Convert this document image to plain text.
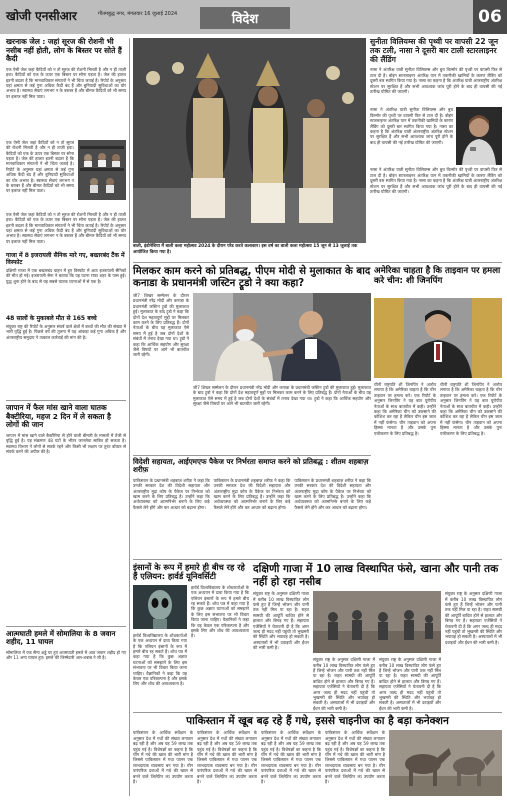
खोजी एनसीआर	गौतमबुद्ध नगर, मंगलवार 16 जुलाई 2024	विदेश	06
खरनाक जेल : जहां सूरज की रोशनी भी नसीब नहीं होती, लोग के बिस्तर पर सोते हैं कैदी
एक ऐसी जेल जहां कैदियों को न तो सूरज की रोशनी मिलती है और न ही ताज़ी हवा। कैदियों को एक के ऊपर एक बिस्तर पर सोना पड़ता है। जेल की हालत इतनी बदतर है कि मानवाधिकार संगठनों ने भी चिंता जताई है। रिपोर्ट के अनुसार यहां क्षमता से कई गुना अधिक कैदी बंद हैं और बुनियादी सुविधाओं का घोर अभाव है। स्वास्थ्य सेवाएं लगभग न के बराबर हैं और बीमार कैदियों को भी समय पर इलाज नहीं मिल पाता।
एक ऐसी जेल जहां कैदियों को न तो सूरज की रोशनी मिलती है और न ही ताज़ी हवा। कैदियों को एक के ऊपर एक बिस्तर पर सोना पड़ता है। जेल की हालत इतनी बदतर है कि मानवाधिकार संगठनों ने भी चिंता जताई है। रिपोर्ट के अनुसार यहां क्षमता से कई गुना अधिक कैदी बंद हैं और बुनियादी सुविधाओं का घोर अभाव है। स्वास्थ्य सेवाएं लगभग न के बराबर हैं और बीमार कैदियों को भी समय पर इलाज नहीं मिल पाता।
एक ऐसी जेल जहां कैदियों को न तो सूरज की रोशनी मिलती है और न ही ताज़ी हवा। कैदियों को एक के ऊपर एक बिस्तर पर सोना पड़ता है। जेल की हालत इतनी बदतर है कि मानवाधिकार संगठनों ने भी चिंता जताई है। रिपोर्ट के अनुसार यहां क्षमता से कई गुना अधिक कैदी बंद हैं और बुनियादी सुविधाओं का घोर अभाव है। स्वास्थ्य सेवाएं लगभग न के बराबर हैं और बीमार कैदियों को भी समय पर इलाज नहीं मिल पाता।
गाजा में 8 इजरायली सैनिक मारे गए, बख्तरबंद टैंक में विस्फोट
दक्षिणी गाजा में एक बख्तरबंद वाहन में हुए विस्फोट में आठ इजरायली सैनिकों की मौत हो गई। इजरायली सेना ने बताया कि यह घटना राफा शहर के पास हुई। युद्ध शुरू होने के बाद से यह सबसे घातक घटनाओं में से एक है।
48 सालों के मुकाबले मौत से 165 बच्चे
संयुक्त राष्ट्र की रिपोर्ट के अनुसार संघर्ष वाले क्षेत्रों में बच्चों की मौत की संख्या में भारी वृद्धि हुई है। पिछले वर्ष की तुलना में यह आंकड़ा कई गुना अधिक है और अंतरराष्ट्रीय समुदाय ने तत्काल कार्रवाई की मांग की है।
जापान में फैल मांस खाने वाला घातक बैक्टीरिया, महज 2 दिन में ले सकता है लोगों की जान
जापान में मांस खाने वाले बैक्टीरिया से होने वाली बीमारी के मामलों में तेजी से वृद्धि हुई है। यह संक्रमण 48 घंटों के भीतर जानलेवा साबित हो सकता है। स्वास्थ्य विभाग ने लोगों से सतर्क रहने और किसी भी लक्षण पर तुरंत डॉक्टर से संपर्क करने की अपील की है।
आत्मघाती हमले में सोमालिया के 8 जवान शहीद, 11 घायल
सोमालिया में एक सैन्य अड्डे पर हुए आत्मघाती हमले में आठ जवान शहीद हो गए और 11 अन्य घायल हुए। हमले की जिम्मेदारी अल-शबाब ने ली है।
बाली, इंडोनेशिया में बाली कला महोत्सव 2024 के दौरान परेड करते कलाकार। इस वर्ष का बाली कला महोत्सव 15 जून से 13 जुलाई तक आयोजित किया गया है।
सुनीता विलियम्स की पृथ्वी पर वापसी 22 जून तक टली, नासा ने दूसरी बार टाली स्टारलाइनर की लैंडिंग
नासा ने अंतरिक्ष यात्री सुनीता विलियम्स और बुच विल्मोर की पृथ्वी पर वापसी फिर से टाल दी है। बोइंग स्टारलाइनर अंतरिक्ष यान में तकनीकी खामियों के कारण लैंडिंग को दूसरी बार स्थगित किया गया है। नासा का कहना है कि अंतरिक्ष यात्री अंतरराष्ट्रीय अंतरिक्ष स्टेशन पर सुरक्षित हैं और सभी आवश्यक जांच पूरी होने के बाद ही वापसी की नई तारीख घोषित की जाएगी।
नासा ने अंतरिक्ष यात्री सुनीता विलियम्स और बुच विल्मोर की पृथ्वी पर वापसी फिर से टाल दी है। बोइंग स्टारलाइनर अंतरिक्ष यान में तकनीकी खामियों के कारण लैंडिंग को दूसरी बार स्थगित किया गया है। नासा का कहना है कि अंतरिक्ष यात्री अंतरराष्ट्रीय अंतरिक्ष स्टेशन पर सुरक्षित हैं और सभी आवश्यक जांच पूरी होने के बाद ही वापसी की नई तारीख घोषित की जाएगी।
नासा ने अंतरिक्ष यात्री सुनीता विलियम्स और बुच विल्मोर की पृथ्वी पर वापसी फिर से टाल दी है। बोइंग स्टारलाइनर अंतरिक्ष यान में तकनीकी खामियों के कारण लैंडिंग को दूसरी बार स्थगित किया गया है। नासा का कहना है कि अंतरिक्ष यात्री अंतरराष्ट्रीय अंतरिक्ष स्टेशन पर सुरक्षित हैं और सभी आवश्यक जांच पूरी होने के बाद ही वापसी की नई तारीख घोषित की जाएगी।
मिलकर काम करने को प्रतिबद्ध, पीएम मोदी से मुलाकात के बाद कनाडा के प्रधानमंत्री जस्टिन ट्रूडो ने क्या कहा?
जी7 शिखर सम्मेलन के दौरान प्रधानमंत्री नरेंद्र मोदी और कनाडा के प्रधानमंत्री जस्टिन ट्रूडो की मुलाकात हुई। मुलाकात के बाद ट्रूडो ने कहा कि दोनों देश महत्वपूर्ण मुद्दों पर मिलकर काम करने के लिए प्रतिबद्ध हैं। दोनों नेताओं के बीच यह मुलाकात ऐसे समय में हुई है जब दोनों देशों के संबंधों में तनाव देखा गया था। ट्रूडो ने कहा कि आर्थिक सहयोग और सुरक्षा जैसे विषयों पर आगे भी बातचीत जारी रहेगी।
जी7 शिखर सम्मेलन के दौरान प्रधानमंत्री नरेंद्र मोदी और कनाडा के प्रधानमंत्री जस्टिन ट्रूडो की मुलाकात हुई। मुलाकात के बाद ट्रूडो ने कहा कि दोनों देश महत्वपूर्ण मुद्दों पर मिलकर काम करने के लिए प्रतिबद्ध हैं। दोनों नेताओं के बीच यह मुलाकात ऐसे समय में हुई है जब दोनों देशों के संबंधों में तनाव देखा गया था। ट्रूडो ने कहा कि आर्थिक सहयोग और सुरक्षा जैसे विषयों पर आगे भी बातचीत जारी रहेगी।
अमेरिका चाहता है कि ताइवान पर हमला करे चीन: शी जिनपिंग
चीनी राष्ट्रपति शी जिनपिंग ने आरोप लगाया है कि अमेरिका चाहता है कि चीन ताइवान पर हमला करे। एक रिपोर्ट के अनुसार जिनपिंग ने यह बात यूरोपीय नेताओं के साथ बातचीत में कही। उन्होंने कहा कि अमेरिका चीन को उकसाने की कोशिश कर रहा है लेकिन चीन इस जाल में नहीं फंसेगा। चीन ताइवान को अपना हिस्सा मानता है और उसके पुनः एकीकरण के लिए प्रतिबद्ध है।
चीनी राष्ट्रपति शी जिनपिंग ने आरोप लगाया है कि अमेरिका चाहता है कि चीन ताइवान पर हमला करे। एक रिपोर्ट के अनुसार जिनपिंग ने यह बात यूरोपीय नेताओं के साथ बातचीत में कही। उन्होंने कहा कि अमेरिका चीन को उकसाने की कोशिश कर रहा है लेकिन चीन इस जाल में नहीं फंसेगा। चीन ताइवान को अपना हिस्सा मानता है और उसके पुनः एकीकरण के लिए प्रतिबद्ध है।
विदेशी सहायता, आईएमएफ पैकेज पर निर्भरता समाप्त करने को प्रतिबद्ध : शीतम शहबाज़ शरीफ़
पाकिस्तान के प्रधानमंत्री शहबाज़ शरीफ़ ने कहा कि उनकी सरकार देश की विदेशी सहायता और अंतरराष्ट्रीय मुद्रा कोष के पैकेज पर निर्भरता को खत्म करने के लिए प्रतिबद्ध है। उन्होंने कहा कि अर्थव्यवस्था को आत्मनिर्भर बनाने के लिए कड़े फैसले लेने होंगे और कर आधार को बढ़ाना होगा।
पाकिस्तान के प्रधानमंत्री शहबाज़ शरीफ़ ने कहा कि उनकी सरकार देश की विदेशी सहायता और अंतरराष्ट्रीय मुद्रा कोष के पैकेज पर निर्भरता को खत्म करने के लिए प्रतिबद्ध है। उन्होंने कहा कि अर्थव्यवस्था को आत्मनिर्भर बनाने के लिए कड़े फैसले लेने होंगे और कर आधार को बढ़ाना होगा।
पाकिस्तान के प्रधानमंत्री शहबाज़ शरीफ़ ने कहा कि उनकी सरकार देश की विदेशी सहायता और अंतरराष्ट्रीय मुद्रा कोष के पैकेज पर निर्भरता को खत्म करने के लिए प्रतिबद्ध है। उन्होंने कहा कि अर्थव्यवस्था को आत्मनिर्भर बनाने के लिए कड़े फैसले लेने होंगे और कर आधार को बढ़ाना होगा।
इंसानों के रूप में हमारे ही बीच रह रहे हैं एलियन: हार्वर्ड यूनिवर्सिटी
हार्वर्ड विश्वविद्यालय के शोधकर्ताओं के एक अध्ययन में दावा किया गया है कि एलियन इंसानों के रूप में हमारे बीच रह सकते हैं। शोध पत्र में कहा गया है कि कुछ अज्ञात घटनाओं को समझाने के लिए इस संभावना पर भी विचार किया जाना चाहिए। वैज्ञानिकों ने कहा कि यह केवल एक परिकल्पना है और इसके लिए और शोध की आवश्यकता है।
हार्वर्ड विश्वविद्यालय के शोधकर्ताओं के एक अध्ययन में दावा किया गया है कि एलियन इंसानों के रूप में हमारे बीच रह सकते हैं। शोध पत्र में कहा गया है कि कुछ अज्ञात घटनाओं को समझाने के लिए इस संभावना पर भी विचार किया जाना चाहिए। वैज्ञानिकों ने कहा कि यह केवल एक परिकल्पना है और इसके लिए और शोध की आवश्यकता है।
दक्षिणी गाजा में 10 लाख विस्थापित फंसे, खाना और पानी तक नहीं हो रहा नसीब
संयुक्त राष्ट्र के अनुसार दक्षिणी गाजा में करीब 10 लाख विस्थापित लोग फंसे हुए हैं जिन्हें भोजन और पानी तक नहीं मिल पा रहा है। राहत सामग्री की आपूर्ति बाधित होने से हालात और बिगड़ गए हैं। सहायता एजेंसियों ने चेतावनी दी है कि अगर जल्द ही मदद नहीं पहुंची तो भुखमरी की स्थिति और भयावह हो सकती है। अस्पतालों में भी दवाइयों और ईंधन की भारी कमी है।
संयुक्त राष्ट्र के अनुसार दक्षिणी गाजा में करीब 10 लाख विस्थापित लोग फंसे हुए हैं जिन्हें भोजन और पानी तक नहीं मिल पा रहा है। राहत सामग्री की आपूर्ति बाधित होने से हालात और बिगड़ गए हैं। सहायता एजेंसियों ने चेतावनी दी है कि अगर जल्द ही मदद नहीं पहुंची तो भुखमरी की स्थिति और भयावह हो सकती है। अस्पतालों में भी दवाइयों और ईंधन की भारी कमी है।
संयुक्त राष्ट्र के अनुसार दक्षिणी गाजा में करीब 10 लाख विस्थापित लोग फंसे हुए हैं जिन्हें भोजन और पानी तक नहीं मिल पा रहा है। राहत सामग्री की आपूर्ति बाधित होने से हालात और बिगड़ गए हैं। सहायता एजेंसियों ने चेतावनी दी है कि अगर जल्द ही मदद नहीं पहुंची तो भुखमरी की स्थिति और भयावह हो सकती है। अस्पतालों में भी दवाइयों और ईंधन की भारी कमी है।
संयुक्त राष्ट्र के अनुसार दक्षिणी गाजा में करीब 10 लाख विस्थापित लोग फंसे हुए हैं जिन्हें भोजन और पानी तक नहीं मिल पा रहा है। राहत सामग्री की आपूर्ति बाधित होने से हालात और बिगड़ गए हैं। सहायता एजेंसियों ने चेतावनी दी है कि अगर जल्द ही मदद नहीं पहुंची तो भुखमरी की स्थिति और भयावह हो सकती है। अस्पतालों में भी दवाइयों और ईंधन की भारी कमी है।
पाकिस्तान में खूब बढ़ रहे हैं गधे, इससे चाइनीज का है बड़ा कनेक्शन
पाकिस्तान के आर्थिक सर्वेक्षण के अनुसार देश में गधों की संख्या लगातार बढ़ रही है और अब यह 59 लाख तक पहुंच गई है। विशेषज्ञों का कहना है कि चीन में गधे की खाल की भारी मांग है जिससे पाकिस्तान में गधा पालन एक लाभदायक व्यवसाय बन गया है। चीन पारंपरिक दवाओं में गधे की खाल से बनने वाले जिलेटिन का उपयोग करता है।
पाकिस्तान के आर्थिक सर्वेक्षण के अनुसार देश में गधों की संख्या लगातार बढ़ रही है और अब यह 59 लाख तक पहुंच गई है। विशेषज्ञों का कहना है कि चीन में गधे की खाल की भारी मांग है जिससे पाकिस्तान में गधा पालन एक लाभदायक व्यवसाय बन गया है। चीन पारंपरिक दवाओं में गधे की खाल से बनने वाले जिलेटिन का उपयोग करता है।
पाकिस्तान के आर्थिक सर्वेक्षण के अनुसार देश में गधों की संख्या लगातार बढ़ रही है और अब यह 59 लाख तक पहुंच गई है। विशेषज्ञों का कहना है कि चीन में गधे की खाल की भारी मांग है जिससे पाकिस्तान में गधा पालन एक लाभदायक व्यवसाय बन गया है। चीन पारंपरिक दवाओं में गधे की खाल से बनने वाले जिलेटिन का उपयोग करता है।
पाकिस्तान के आर्थिक सर्वेक्षण के अनुसार देश में गधों की संख्या लगातार बढ़ रही है और अब यह 59 लाख तक पहुंच गई है। विशेषज्ञों का कहना है कि चीन में गधे की खाल की भारी मांग है जिससे पाकिस्तान में गधा पालन एक लाभदायक व्यवसाय बन गया है। चीन पारंपरिक दवाओं में गधे की खाल से बनने वाले जिलेटिन का उपयोग करता है।
